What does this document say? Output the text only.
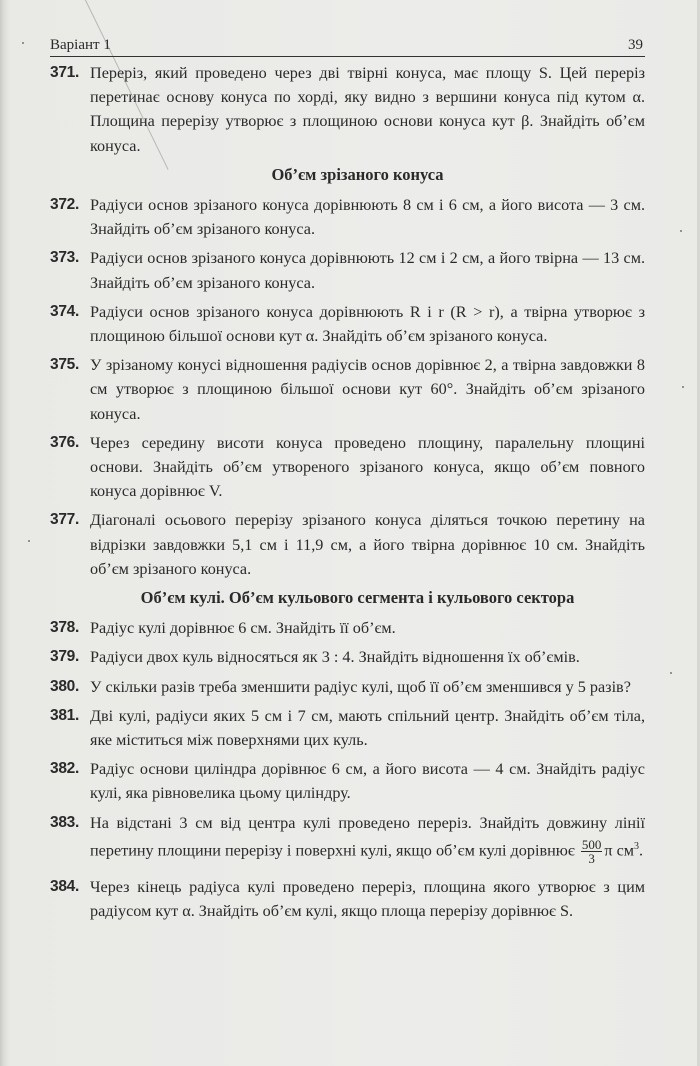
Варіант 1	39
371. Переріз, який проведено через дві твірні конуса, має площу S. Цей переріз перетинає основу конуса по хорді, яку видно з вершини конуса під кутом α. Площина перерізу утворює з площиною основи конуса кут β. Знайдіть об’єм конуса.
Об’єм зрізаного конуса
372. Радіуси основ зрізаного конуса дорівнюють 8 см і 6 см, а його висота — 3 см. Знайдіть об’єм зрізаного конуса.
373. Радіуси основ зрізаного конуса дорівнюють 12 см і 2 см, а його твірна — 13 см. Знайдіть об’єм зрізаного конуса.
374. Радіуси основ зрізаного конуса дорівнюють R і r (R > r), а твірна утворює з площиною більшої основи кут α. Знайдіть об’єм зрізаного конуса.
375. У зрізаному конусі відношення радіусів основ дорівнює 2, а твірна завдовжки 8 см утворює з площиною більшої основи кут 60°. Знайдіть об’єм зрізаного конуса.
376. Через середину висоти конуса проведено площину, паралельну площині основи. Знайдіть об’єм утвореного зрізаного конуса, якщо об’єм повного конуса дорівнює V.
377. Діагоналі осьового перерізу зрізаного конуса діляться точкою перетину на відрізки завдовжки 5,1 см і 11,9 см, а його твірна дорівнює 10 см. Знайдіть об’єм зрізаного конуса.
Об’єм кулі. Об’єм кульового сегмента і кульового сектора
378. Радіус кулі дорівнює 6 см. Знайдіть її об’єм.
379. Радіуси двох куль відносяться як 3 : 4. Знайдіть відношення їх об’ємів.
380. У скільки разів треба зменшити радіус кулі, щоб її об’єм зменшився у 5 разів?
381. Дві кулі, радіуси яких 5 см і 7 см, мають спільний центр. Знайдіть об’єм тіла, яке міститься між поверхнями цих куль.
382. Радіус основи циліндра дорівнює 6 см, а його висота — 4 см. Знайдіть радіус кулі, яка рівновелика цьому циліндру.
383. На відстані 3 см від центра кулі проведено переріз. Знайдіть довжину лінії перетину площини перерізу і поверхні кулі, якщо об’єм кулі дорівнює $\frac{500}{3}$ π $см^3$.
384. Через кінець радіуса кулі проведено переріз, площина якого утворює з цим радіусом кут α. Знайдіть об’єм кулі, якщо площа перерізу дорівнює S.
